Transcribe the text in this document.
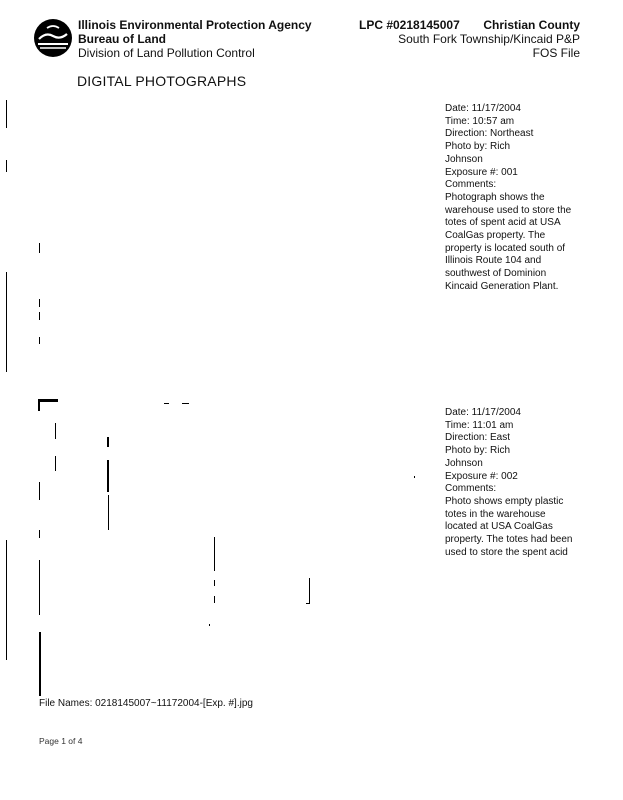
Illinois Environmental Protection Agency
Bureau of Land
Division of Land Pollution Control
LPC #0218145007 Christian County
South Fork Township/Kincaid P&P
FOS File
DIGITAL PHOTOGRAPHS
Date: 11/17/2004
Time: 10:57 am
Direction: Northeast
Photo by: Rich Johnson
Exposure #: 001
Comments:
Photograph shows the warehouse used to store the totes of spent acid at USA CoalGas property. The property is located south of Illinois Route 104 and southwest of Dominion Kincaid Generation Plant.
Date: 11/17/2004
Time: 11:01 am
Direction: East
Photo by: Rich Johnson
Exposure #: 002
Comments:
Photo shows empty plastic totes in the warehouse located at USA CoalGas property. The totes had been used to store the spent acid
File Names: 0218145007~11172004-[Exp. #].jpg
Page 1 of 4
